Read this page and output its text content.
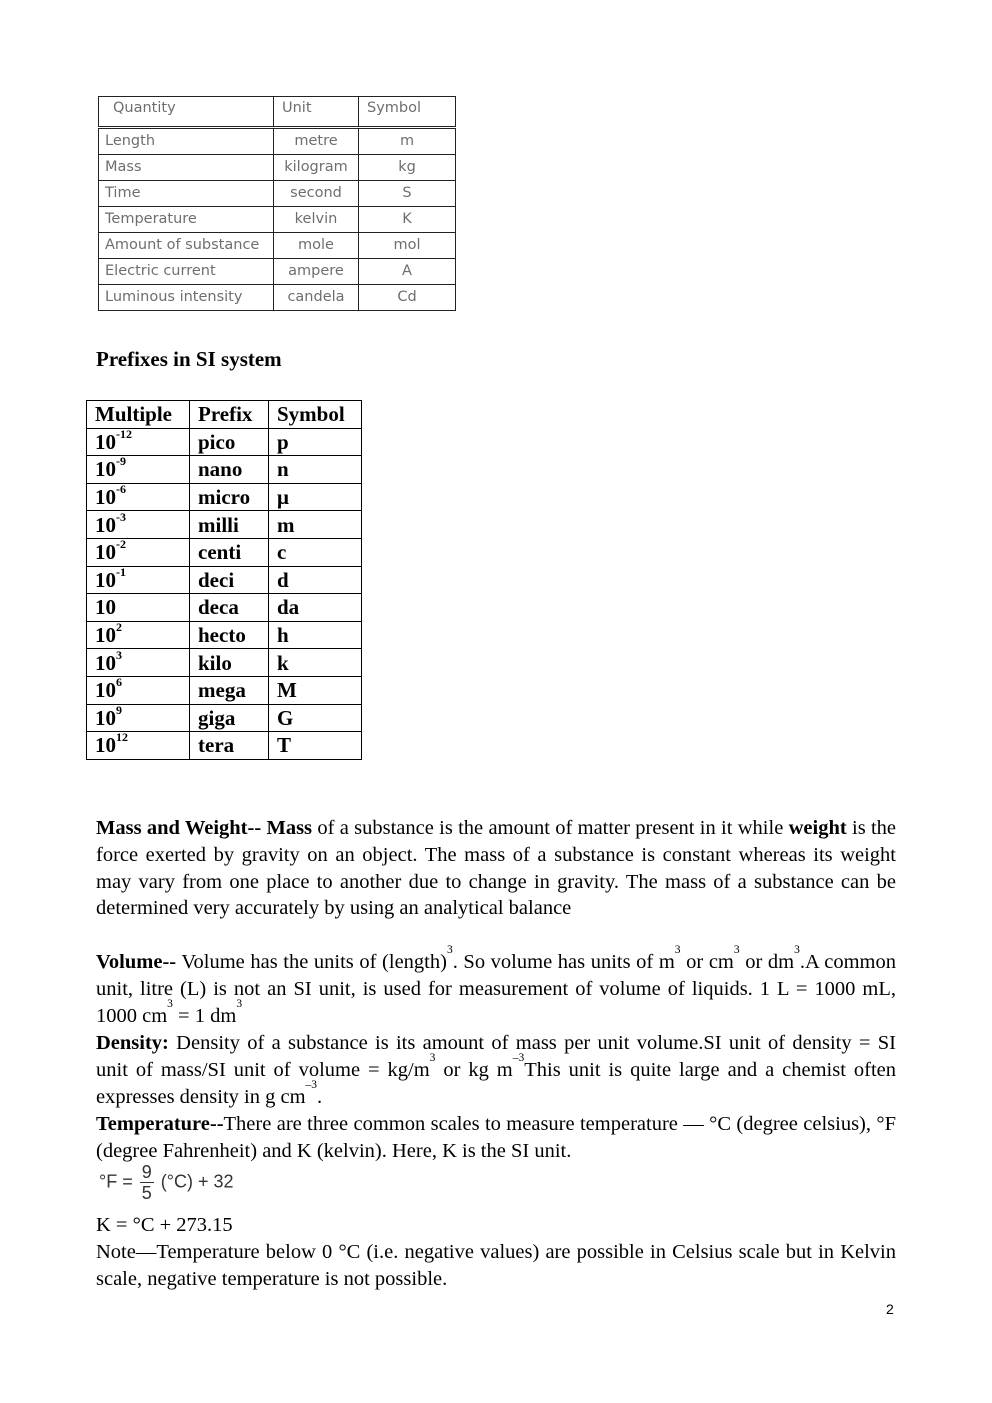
Quantity	Unit	Symbol
Length	metre	m
Mass	kilogram	kg
Time	second	S
Temperature	kelvin	K
Amount of substance	mole	mol
Electric current	ampere	A
Luminous intensity	candela	Cd
Prefixes in SI system
Multiple	Prefix	Symbol
$10^{-12}$	pico	p
$10^{-9}$	nano	n
$10^{-6}$	micro	μ
$10^{-3}$	milli	m
$10^{-2}$	centi	c
$10^{-1}$	deci	d
10	deca	da
$10^2$	hecto	h
$10^3$	kilo	k
$10^6$	mega	M
$10^9$	giga	G
$10^{12}$	tera	T
Mass and Weight-- Mass of a substance is the amount of matter present in it while weight is the force exerted by gravity on an object. The mass of a substance is constant whereas its weight may vary from one place to another due to change in gravity. The mass of a substance can be determined very accurately by using an analytical balance
Volume-- Volume has the units of (length)$^3$. So volume has units of $m^3$ or $cm^3$ or $dm^3.A$ common unit, litre (L) is not an SI unit, is used for measurement of volume of liquids. 1 L = 1000 mL, 1000 $cm^3 = 1$ $dm^3$
Density: Density of a substance is its amount of mass per unit volume.SI unit of density = SI unit of mass/SI unit of volume = $kg/m^3$ or kg $m^{-3}This$ unit is quite large and a chemist often expresses density in g $cm^{-3}$.
Temperature--There are three common scales to measure temperature — °C (degree celsius), °F (degree Fahrenheit) and K (kelvin). Here, K is the SI unit.
$^\circ F = \frac{9}{5} (^\circ C) + 32$
K = °C + 273.15
Note—Temperature below 0 °C (i.e. negative values) are possible in Celsius scale but in Kelvin scale, negative temperature is not possible.
2
